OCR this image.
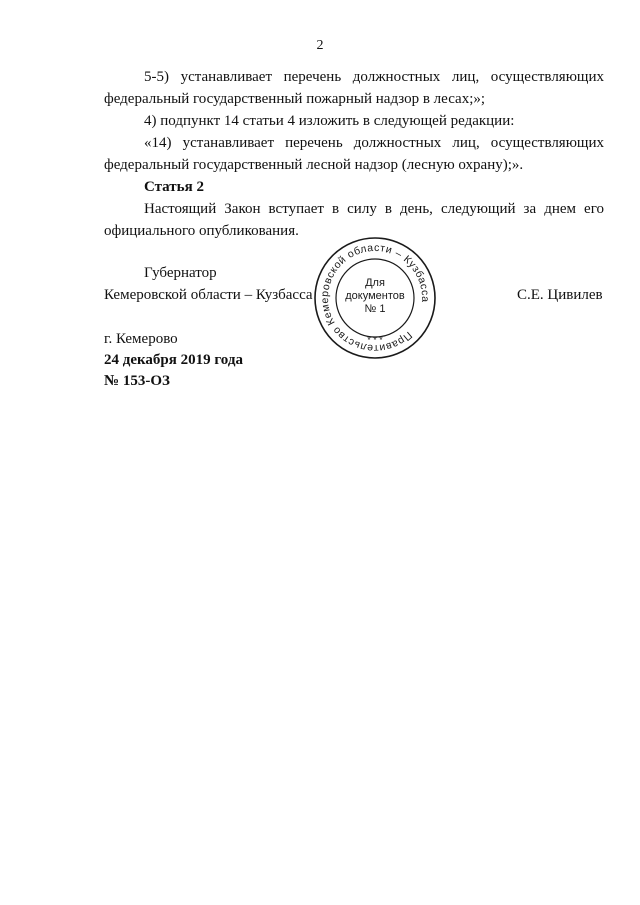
2
5-5) устанавливает перечень должностных лиц, осуществляющих федеральный государственный пожарный надзор в лесах;»;
4) подпункт 14 статьи 4 изложить в следующей редакции:
«14) устанавливает перечень должностных лиц, осуществляющих федеральный государственный лесной надзор (лесную охрану);».
Статья 2
Настоящий Закон вступает в силу в день, следующий за днем его официального опубликования.
Губернатор
Кемеровской области – Кузбасса	С.Е. Цивилев
Правительство Кемеровской области – Кузбасса
* * *
Для
документов
№ 1
г. Кемерово
24 декабря 2019 года
№ 153-ОЗ
